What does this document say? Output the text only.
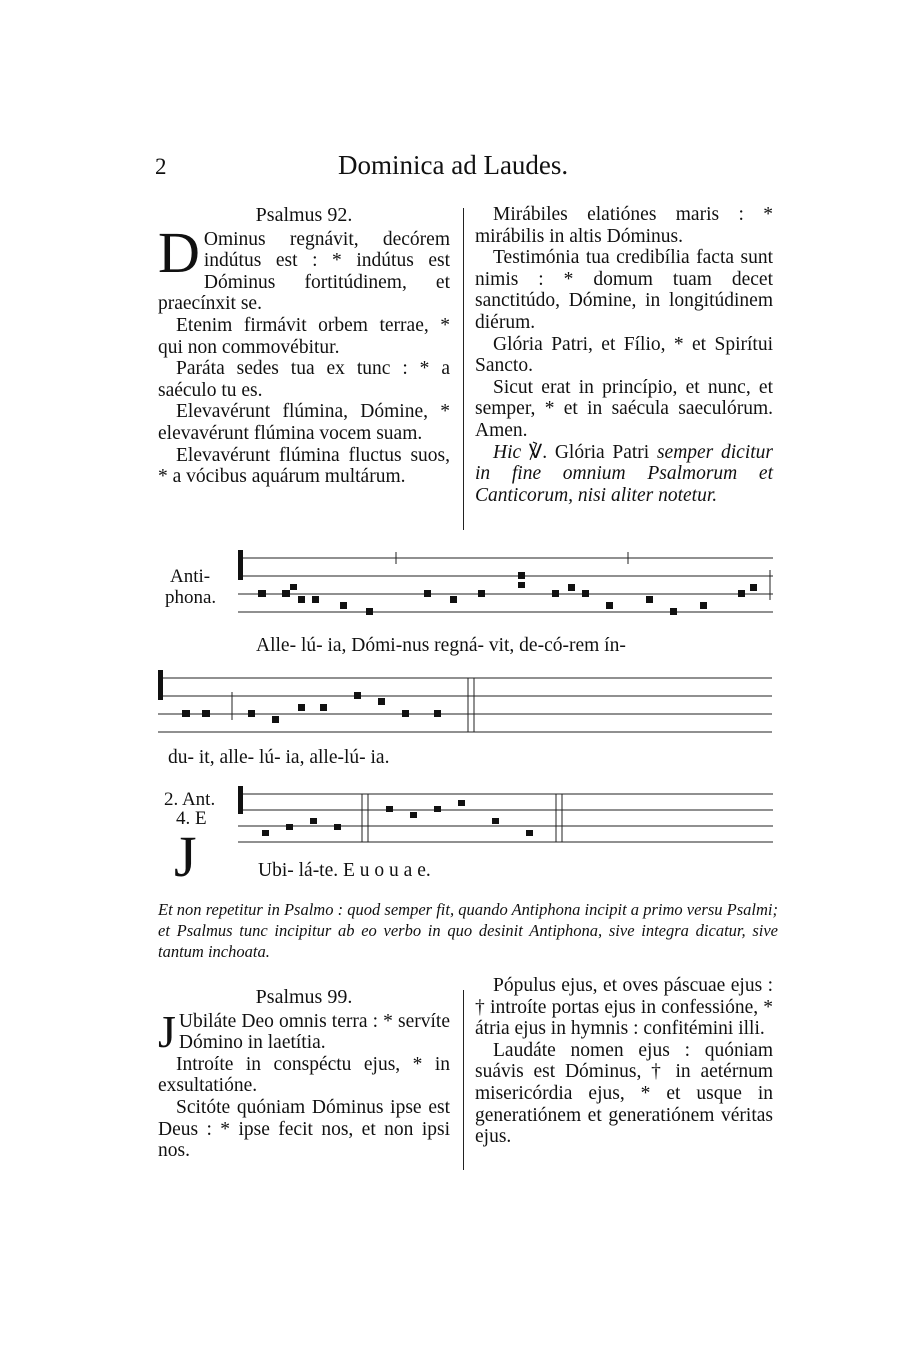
2	Dominica ad Laudes.
Psalmus 92.

D Ominus regnávit, decórem indútus est : * indútus est Dóminus fortitúdinem, et praecínxit se.

Etenim firmávit orbem terrae, * qui non commovébitur.

Paráta sedes tua ex tunc : * a saéculo tu es.

Elevavérunt flúmina, Dómine, * elevavérunt flúmina vocem suam.

Elevavérunt flúmina fluctus suos, * a vócibus aquárum multárum.

Mirábiles elatiónes maris : * mirábilis in altis Dóminus.

Testimónia tua credibília facta sunt nimis : * domum tuam decet sanctitúdo, Dómine, in longitúdinem diérum.

Glória Patri, et Fílio, * et Spirítui Sancto.

Sicut erat in princípio, et nunc, et semper, * et in saécula saeculórum. Amen.

Hic ℣. Glória Patri semper dicitur in fine omnium Psalmorum et Canticorum, nisi aliter notetur.

Anti-
phona.
Alle- lú- ia, Dómi-nus regná- vit, de-có-rem ín-
du- it, alle- lú- ia, alle-lú- ia.
2. Ant.
4. E
J	Ubi- lá-te. E u o u a e.
Et non repetitur in Psalmo : quod semper fit, quando Antiphona incipit a primo versu Psalmi; et Psalmus tunc incipitur ab eo verbo in quo desinit Antiphona, sive integra dicatur, sive tantum inchoata.
Psalmus 99.

J Ubiláte Deo omnis terra : * servíte Dómino in laetítia.

Introíte in conspéctu ejus, * in exsultatióne.

Scitóte quóniam Dóminus ipse est Deus : * ipse fecit nos, et non ipsi nos.

Pópulus ejus, et oves páscuae ejus : † introíte portas ejus in confessióne, * átria ejus in hymnis : confitémini illi.

Laudáte nomen ejus : quóniam suávis est Dóminus, † in aetérnum misericórdia ejus, * et usque in generatiónem et generatiónem véritas ejus.
